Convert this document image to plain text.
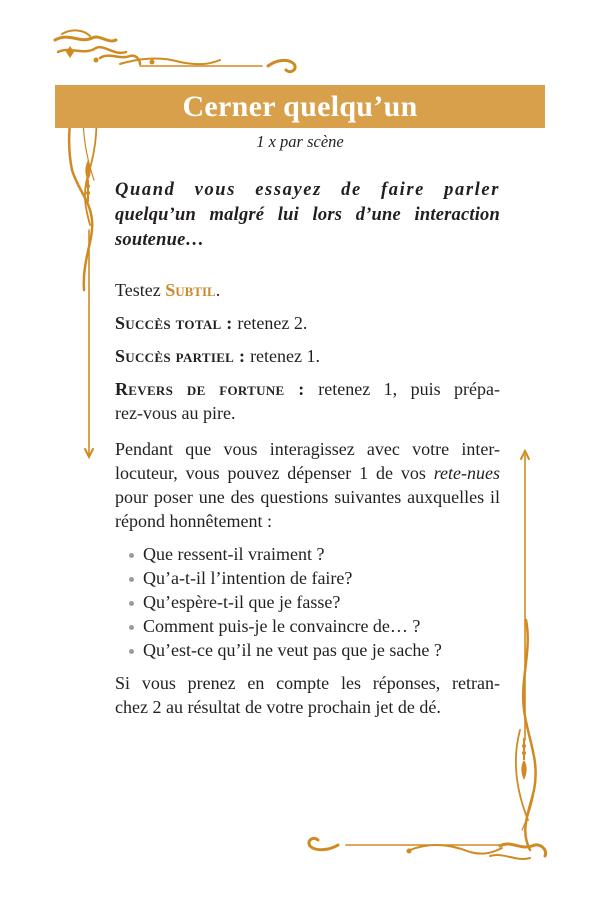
Cerner quelqu’un
1 x par scène
Quand vous essayez de faire parler
quelqu’un malgré lui lors d’une interaction soutenue…

Testez Subtil.

Succès total : retenez 2.

Succès partiel : retenez 1.

Revers de fortune : retenez 1, puis prépa-
rez-vous au pire.

Pendant que vous interagissez avec votre inter-locuteur, vous pouvez dépenser 1 de vos rete-nues pour poser une des questions suivantes auxquelles il répond honnêtement :

Que ressent-il vraiment ?
Qu’a-t-il l’intention de faire?
Qu’espère-t-il que je fasse?
Comment puis-je le convaincre de… ?
Qu’est-ce qu’il ne veut pas que je sache ?

Si vous prenez en compte les réponses, retran-
chez 2 au résultat de votre prochain jet de dé.
